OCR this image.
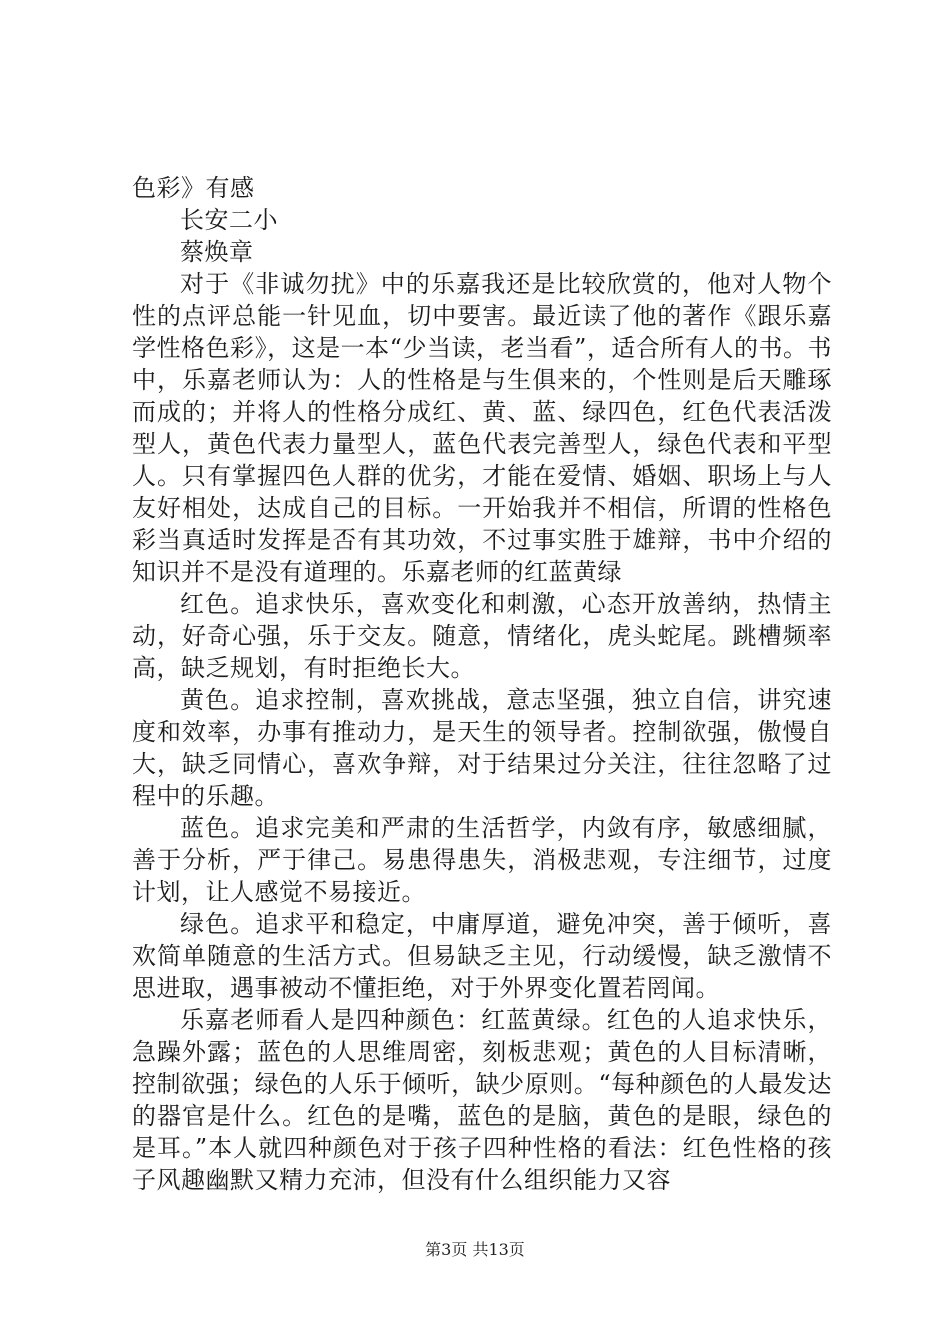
色彩》有感

长安二小

蔡焕章

对于《非诚勿扰》中的乐嘉我还是比较欣赏的，他对人物个性的点评总能一针见血，切中要害。最近读了他的著作《跟乐嘉学性格色彩》，这是一本“少当读，老当看”，适合所有人的书。书中，乐嘉老师认为：人的性格是与生俱来的，个性则是后天雕琢而成的；并将人的性格分成红、黄、蓝、绿四色，红色代表活泼型人，黄色代表力量型人，蓝色代表完善型人，绿色代表和平型人。只有掌握四色人群的优劣，才能在爱情、婚姻、职场上与人友好相处，达成自己的目标。一开始我并不相信，所谓的性格色彩当真适时发挥是否有其功效，不过事实胜于雄辩，书中介绍的知识并不是没有道理的。乐嘉老师的红蓝黄绿

红色。追求快乐，喜欢变化和刺激，心态开放善纳，热情主动，好奇心强，乐于交友。随意，情绪化，虎头蛇尾。跳槽频率高，缺乏规划，有时拒绝长大。

黄色。追求控制，喜欢挑战，意志坚强，独立自信，讲究速度和效率，办事有推动力，是天生的领导者。控制欲强，傲慢自大，缺乏同情心，喜欢争辩，对于结果过分关注，往往忽略了过程中的乐趣。

蓝色。追求完美和严肃的生活哲学，内敛有序，敏感细腻，善于分析，严于律己。易患得患失，消极悲观，专注细节，过度计划，让人感觉不易接近。

绿色。追求平和稳定，中庸厚道，避免冲突，善于倾听，喜欢简单随意的生活方式。但易缺乏主见，行动缓慢，缺乏激情不思进取，遇事被动不懂拒绝，对于外界变化置若罔闻。

乐嘉老师看人是四种颜色：红蓝黄绿。红色的人追求快乐，急躁外露；蓝色的人思维周密，刻板悲观；黄色的人目标清晰，控制欲强；绿色的人乐于倾听，缺少原则。“每种颜色的人最发达的器官是什么。红色的是嘴，蓝色的是脑，黄色的是眼，绿色的是耳。”本人就四种颜色对于孩子四种性格的看法：红色性格的孩子风趣幽默又精力充沛，但没有什么组织能力又容

第3页 共13页
